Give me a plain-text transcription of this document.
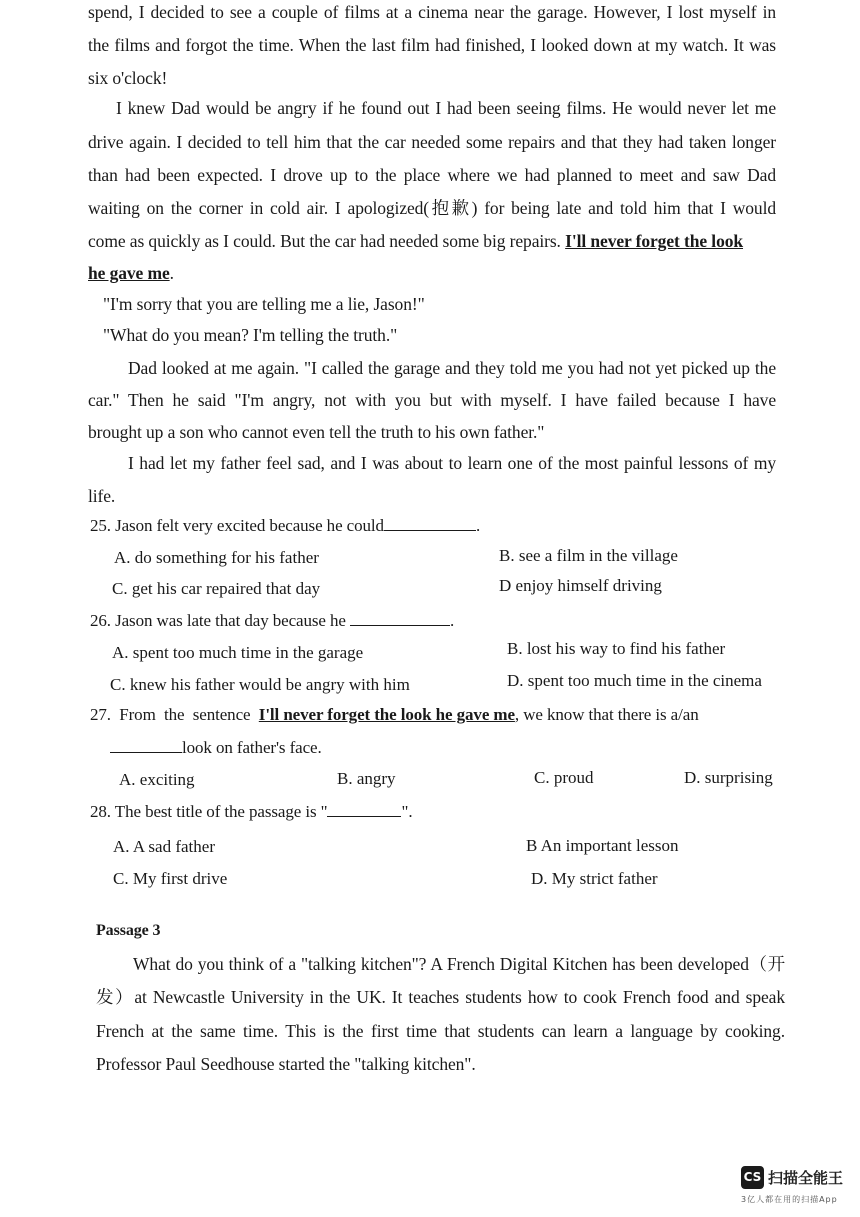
spend, I decided to see a couple of films at a cinema near the garage. However, I lost myself in
the films and forgot the time. When the last film had finished, I looked down at my watch. It was
six o'clock!
I knew Dad would be angry if he found out I had been seeing films. He would never let me
drive again. I decided to tell him that the car needed some repairs and that they had taken longer
than had been expected. I drove up to the place where we had planned to meet and saw Dad
waiting on the corner in cold air. I apologized(抱歉) for being late and told him that I would
come as quickly as I could. But the car had needed some big repairs. I'll never forget the look
he gave me.
"I'm sorry that you are telling me a lie, Jason!"
"What do you mean? I'm telling the truth."
Dad looked at me again. "I called the garage and they told me you had not yet picked up the
car." Then he said "I'm angry, not with you but with myself. I have failed because I have
brought up a son who cannot even tell the truth to his own father."
I had let my father feel sad, and I was about to learn one of the most painful lessons of my
life.
25. Jason felt very excited because he could	.
A. do something for his father	B. see a film in the village
C. get his car repaired that day	D enjoy himself driving
26. Jason was late that day because he	.
A. spent too much time in the garage	B. lost his way to find his father
C. knew his father would be angry with him	D. spent too much time in the cinema
27.  From  the  sentence I'll never forget the look he gave me, we know that there is a/an
look on father's face.
A. exciting	B. angry	C. proud	D. surprising
28. The best title of the passage is "	".
A. A sad father	B An important lesson
C. My first drive	D. My strict father
Passage 3
What do you think of a "talking kitchen"? A French Digital Kitchen has been developed（开
发）at Newcastle University in the UK. It teaches students how to cook French food and speak
French at the same time. This is the first time that students can learn a language by cooking.
Professor Paul Seedhouse started the "talking kitchen".
CS 扫描全能王
3亿人都在用的扫描App
